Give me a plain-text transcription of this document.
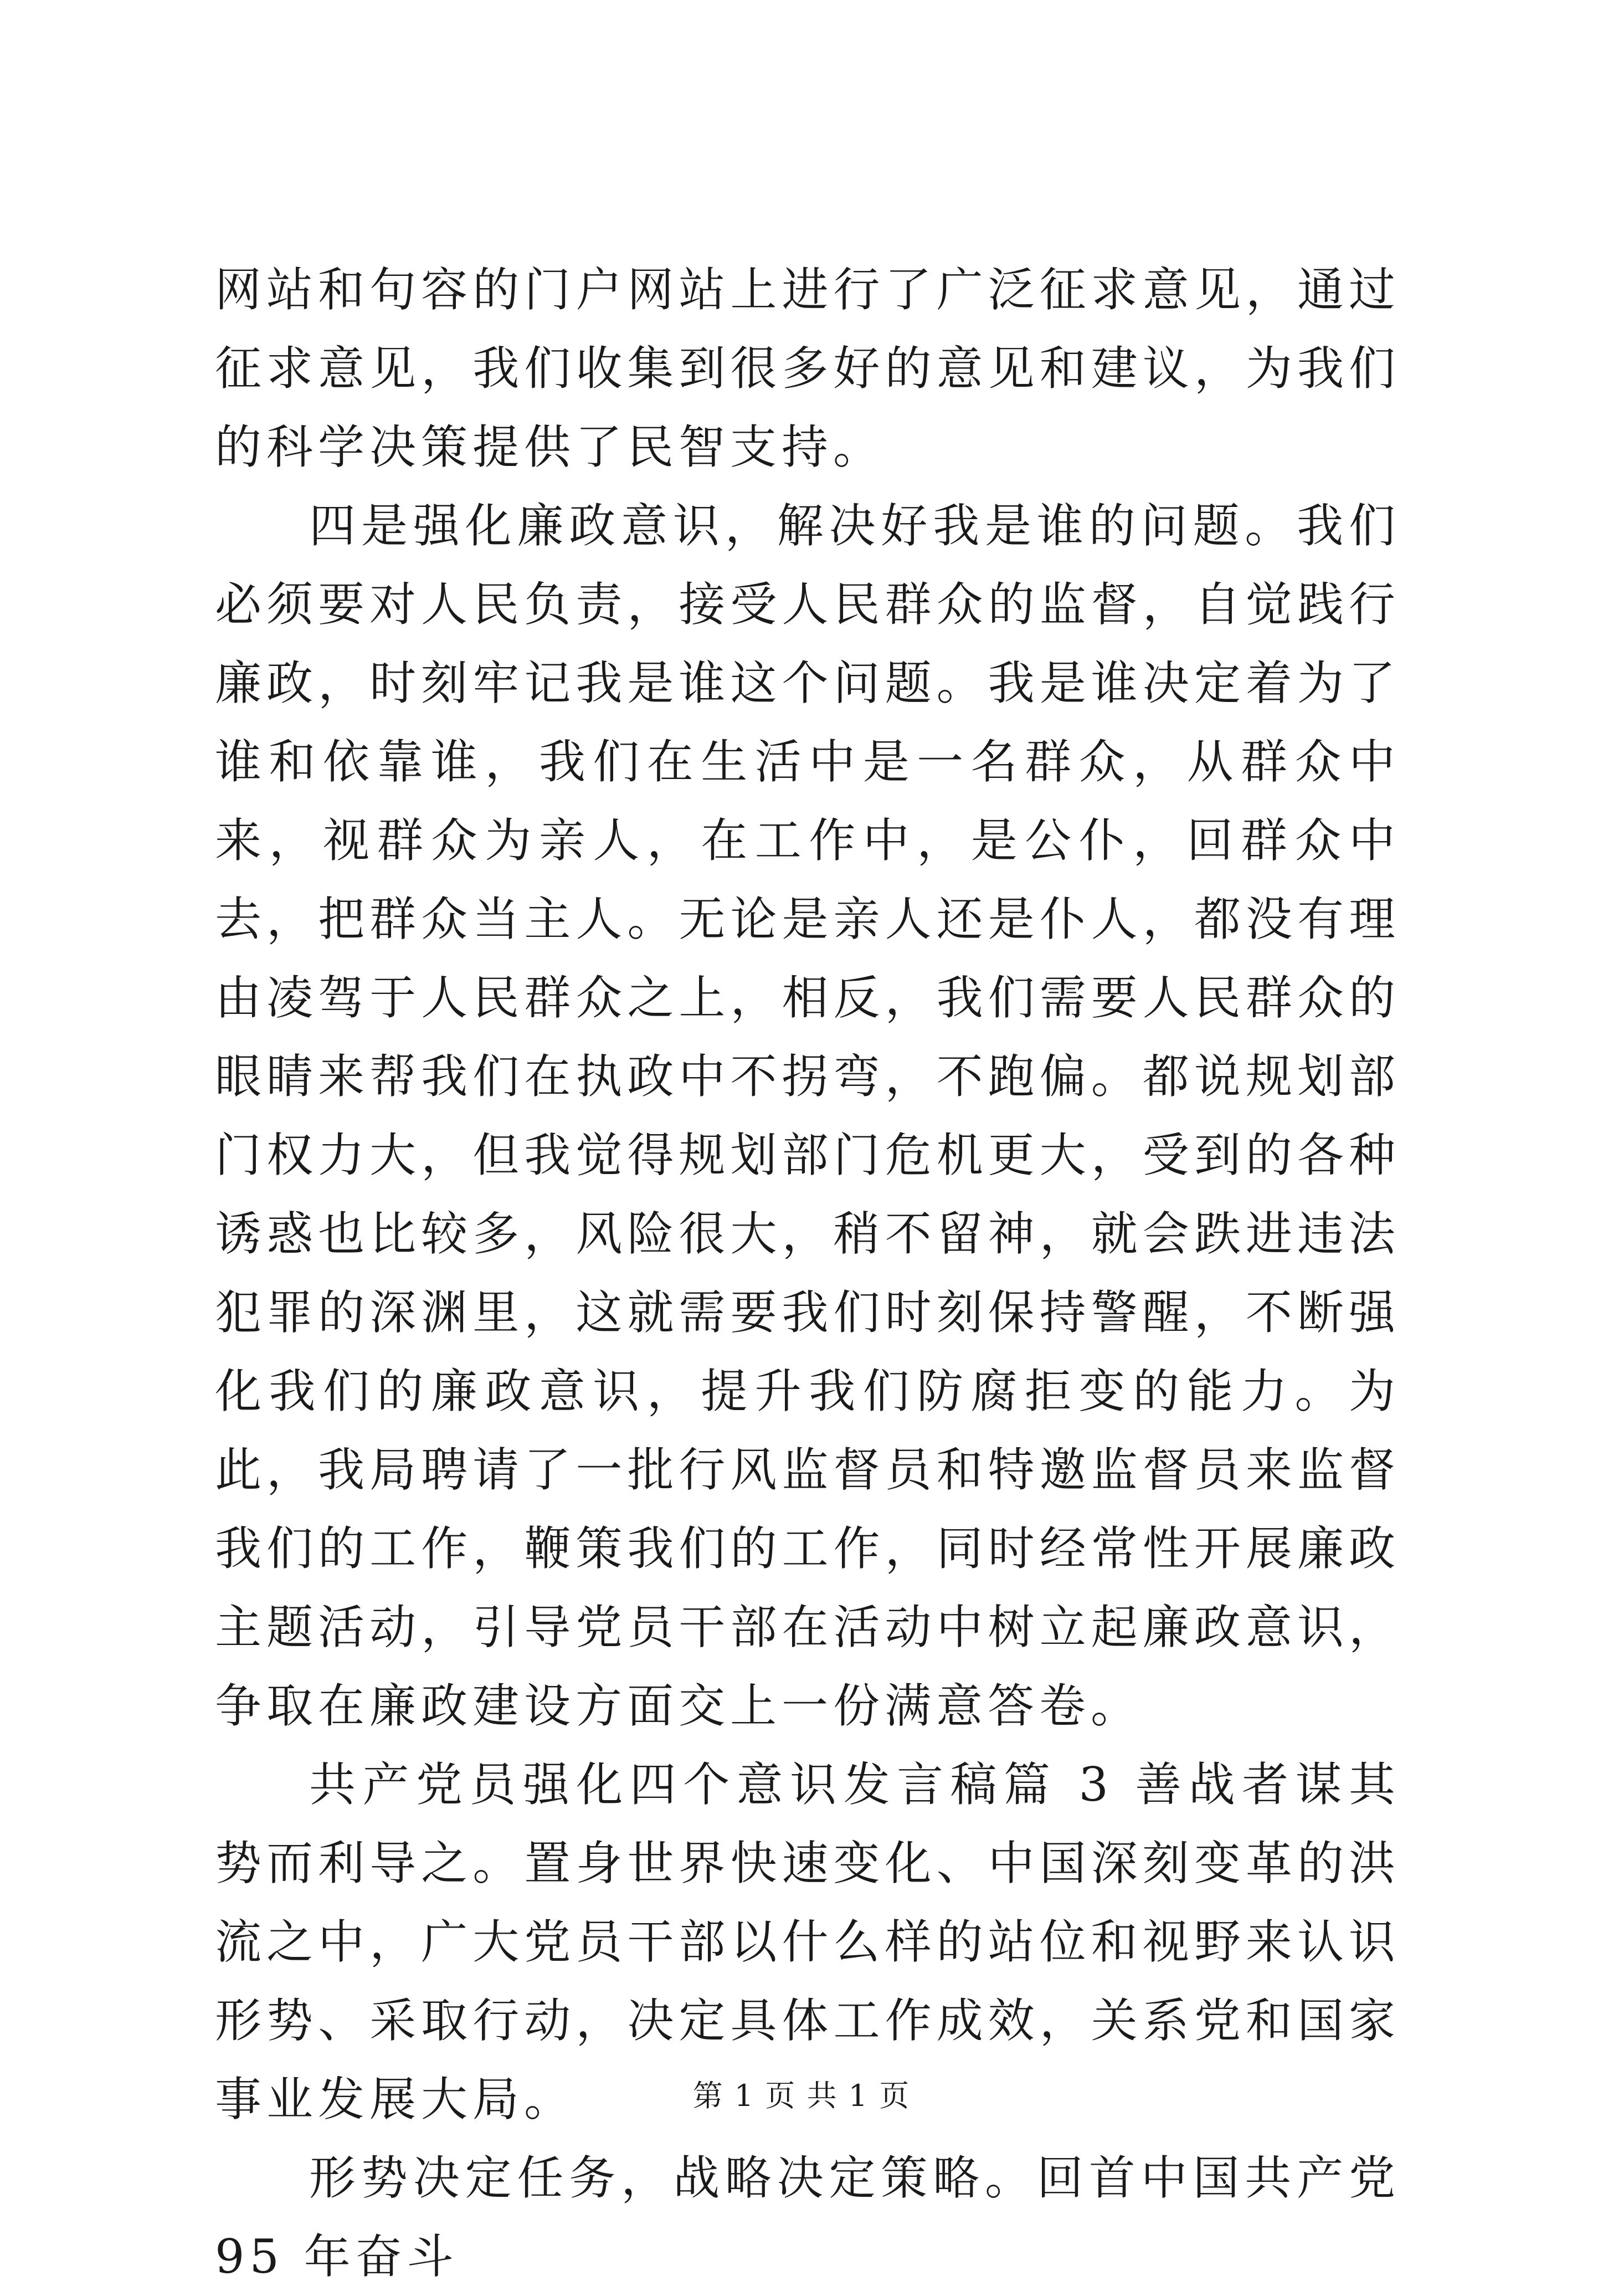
网站和句容的门户网站上进行了广泛征求意见，通过征求意见，我们收集到很多好的意见和建议，为我们的科学决策提供了民智支持。

四是强化廉政意识，解决好我是谁的问题。我们必须要对人民负责，接受人民群众的监督，自觉践行廉政，时刻牢记我是谁这个问题。我是谁决定着为了谁和依靠谁，我们在生活中是一名群众，从群众中来，视群众为亲人，在工作中，是公仆，回群众中去，把群众当主人。无论是亲人还是仆人，都没有理由凌驾于人民群众之上，相反，我们需要人民群众的眼睛来帮我们在执政中不拐弯，不跑偏。都说规划部门权力大，但我觉得规划部门危机更大，受到的各种诱惑也比较多，风险很大，稍不留神，就会跌进违法犯罪的深渊里，这就需要我们时刻保持警醒，不断强化我们的廉政意识，提升我们防腐拒变的能力。为此，我局聘请了一批行风监督员和特邀监督员来监督我们的工作，鞭策我们的工作，同时经常性开展廉政主题活动，引导党员干部在活动中树立起廉政意识，争取在廉政建设方面交上一份满意答卷。

共产党员强化四个意识发言稿篇 3 善战者谋其势而利导之。置身世界快速变化、中国深刻变革的洪流之中，广大党员干部以什么样的站位和视野来认识形势、采取行动，决定具体工作成效，关系党和国家事业发展大局。

形势决定任务，战略决定策略。回首中国共产党 95 年奋斗

第 1 页 共 1 页
